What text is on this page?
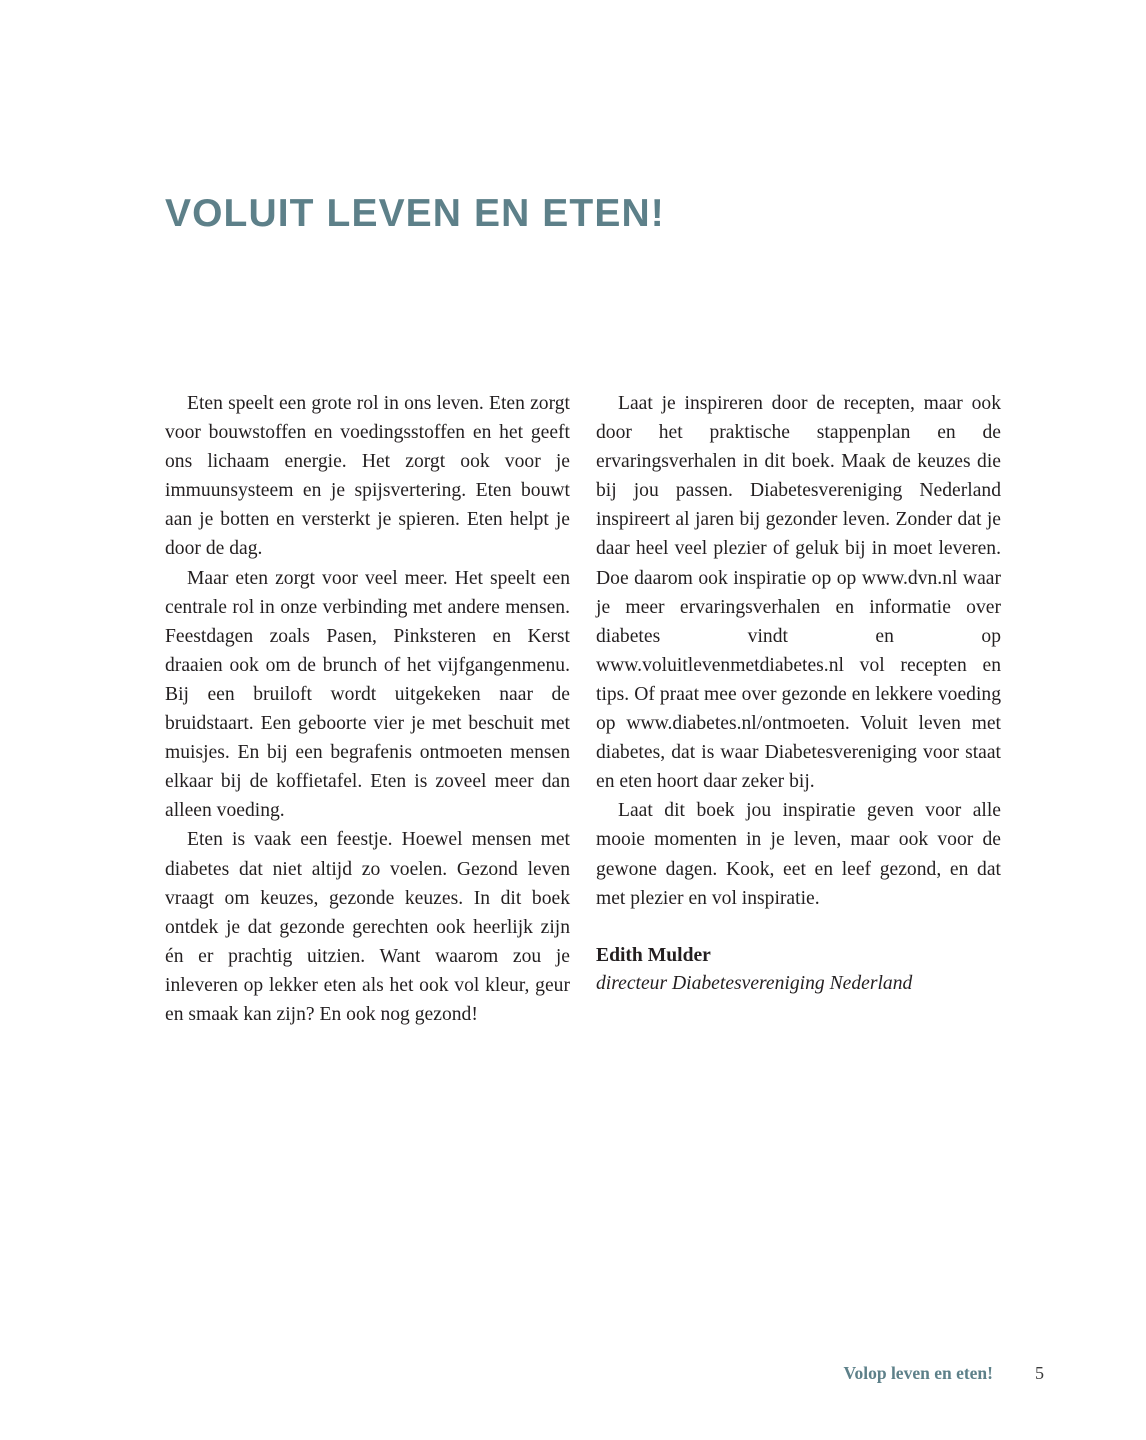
VOLUIT LEVEN EN ETEN!

Eten speelt een grote rol in ons leven. Eten zorgt voor bouwstoffen en voedingsstoffen en het geeft ons lichaam energie. Het zorgt ook voor je immuunsysteem en je spijsvertering. Eten bouwt aan je botten en versterkt je spieren. Eten helpt je door de dag.

Maar eten zorgt voor veel meer. Het speelt een centrale rol in onze verbinding met andere mensen. Feestdagen zoals Pasen, Pinksteren en Kerst draaien ook om de brunch of het vijfgangenmenu. Bij een bruiloft wordt uitgekeken naar de bruidstaart. Een geboorte vier je met beschuit met muisjes. En bij een begrafenis ontmoeten mensen elkaar bij de koffietafel. Eten is zoveel meer dan alleen voeding.

Eten is vaak een feestje. Hoewel mensen met diabetes dat niet altijd zo voelen. Gezond leven vraagt om keuzes, gezonde keuzes. In dit boek ontdek je dat gezonde gerechten ook heerlijk zijn én er prachtig uitzien. Want waarom zou je inleveren op lekker eten als het ook vol kleur, geur en smaak kan zijn? En ook nog gezond!

Laat je inspireren door de recepten, maar ook door het praktische stappenplan en de ervaringsverhalen in dit boek. Maak de keuzes die bij jou passen. Diabetesvereniging Nederland inspireert al jaren bij gezonder leven. Zonder dat je daar heel veel plezier of geluk bij in moet leveren. Doe daarom ook inspiratie op op www.dvn.nl waar je meer ervaringsverhalen en informatie over diabetes vindt en op www.voluitlevenmetdiabetes.nl vol recepten en tips. Of praat mee over gezonde en lekkere voeding op www.diabetes.nl/ontmoeten. Voluit leven met diabetes, dat is waar Diabetesvereniging voor staat en eten hoort daar zeker bij.

Laat dit boek jou inspiratie geven voor alle mooie momenten in je leven, maar ook voor de gewone dagen. Kook, eet en leef gezond, en dat met plezier en vol inspiratie.

Edith Mulder

directeur Diabetesvereniging Nederland

Volop leven en eten! 5
